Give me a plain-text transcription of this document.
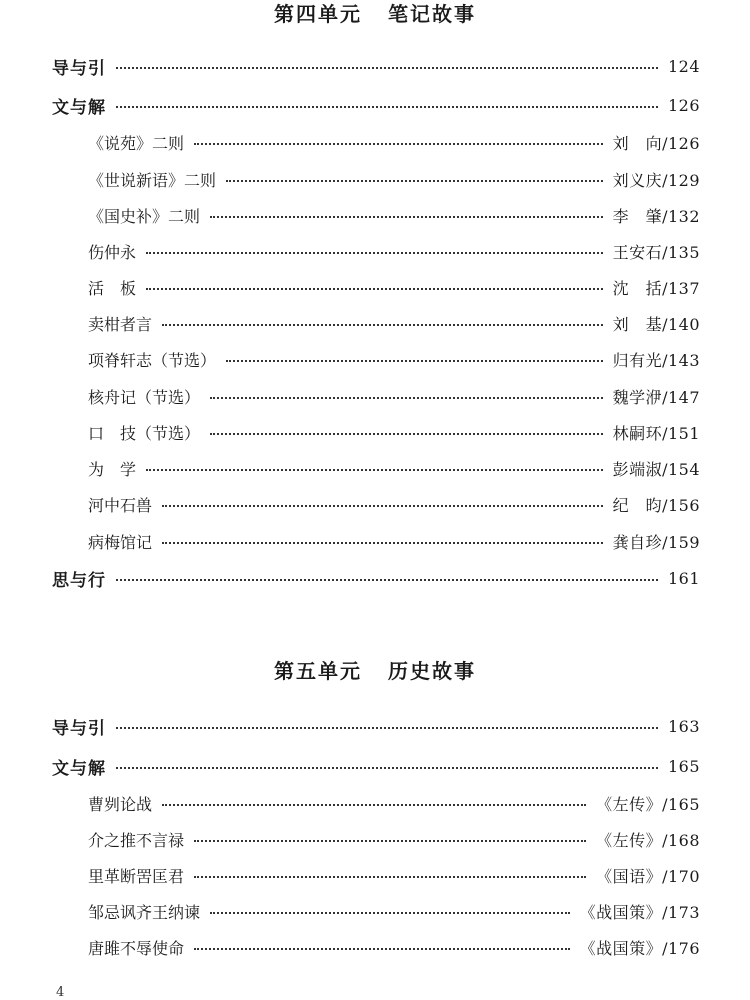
第四单元 笔记故事
导与引	124
文与解	126
《说苑》二则	刘　向/126
《世说新语》二则	刘义庆/129
《国史补》二则	李　肇/132
伤仲永	王安石/135
活　板	沈　括/137
卖柑者言	刘　基/140
项脊轩志（节选）	归有光/143
核舟记（节选）	魏学洢/147
口　技（节选）	林嗣环/151
为　学	彭端淑/154
河中石兽	纪　昀/156
病梅馆记	龚自珍/159
思与行	161
第五单元 历史故事
导与引	163
文与解	165
曹刿论战	《左传》/165
介之推不言禄	《左传》/168
里革断罟匡君	《国语》/170
邹忌讽齐王纳谏	《战国策》/173
唐雎不辱使命	《战国策》/176
4
